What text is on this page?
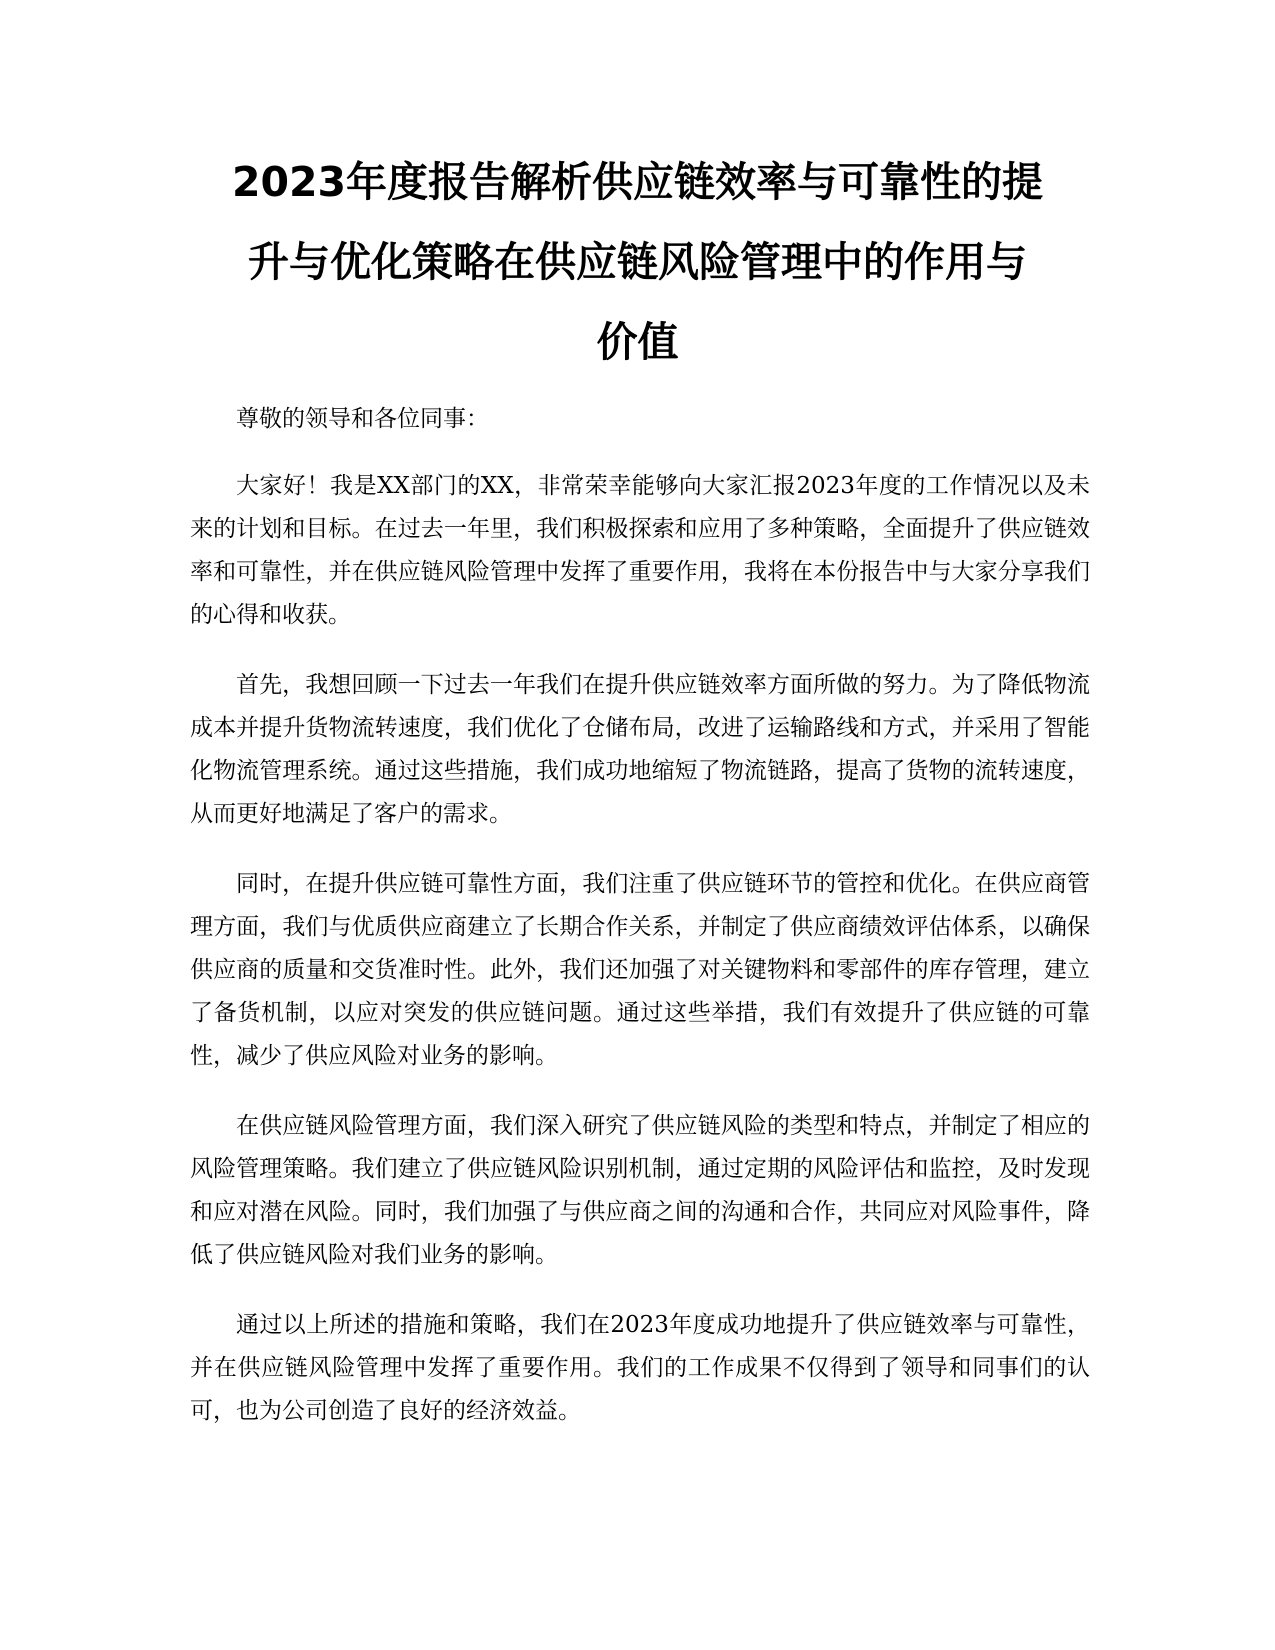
2023年度报告解析供应链效率与可靠性的提
升与优化策略在供应链风险管理中的作用与
价值

尊敬的领导和各位同事：

大家好！我是XX部门的XX，非常荣幸能够向大家汇报2023年度的工作情况以及未来的计划和目标。在过去一年里，我们积极探索和应用了多种策略，全面提升了供应链效率和可靠性，并在供应链风险管理中发挥了重要作用，我将在本份报告中与大家分享我们的心得和收获。

首先，我想回顾一下过去一年我们在提升供应链效率方面所做的努力。为了降低物流成本并提升货物流转速度，我们优化了仓储布局，改进了运输路线和方式，并采用了智能化物流管理系统。通过这些措施，我们成功地缩短了物流链路，提高了货物的流转速度，从而更好地满足了客户的需求。

同时，在提升供应链可靠性方面，我们注重了供应链环节的管控和优化。在供应商管理方面，我们与优质供应商建立了长期合作关系，并制定了供应商绩效评估体系，以确保供应商的质量和交货准时性。此外，我们还加强了对关键物料和零部件的库存管理，建立了备货机制，以应对突发的供应链问题。通过这些举措，我们有效提升了供应链的可靠性，减少了供应风险对业务的影响。

在供应链风险管理方面，我们深入研究了供应链风险的类型和特点，并制定了相应的风险管理策略。我们建立了供应链风险识别机制，通过定期的风险评估和监控，及时发现和应对潜在风险。同时，我们加强了与供应商之间的沟通和合作，共同应对风险事件，降低了供应链风险对我们业务的影响。

通过以上所述的措施和策略，我们在2023年度成功地提升了供应链效率与可靠性，并在供应链风险管理中发挥了重要作用。我们的工作成果不仅得到了领导和同事们的认可，也为公司创造了良好的经济效益。
